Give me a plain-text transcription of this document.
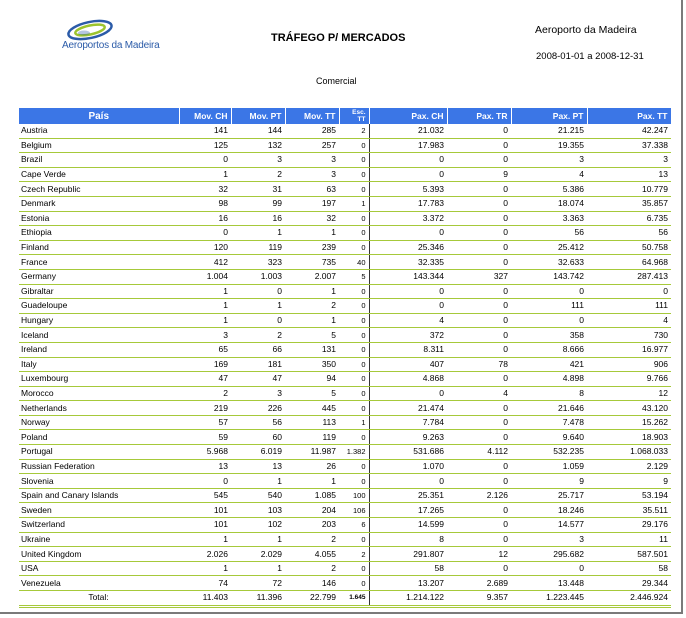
Aeroportos da Madeira
TRÁFEGO P/ MERCADOS
Aeroporto da Madeira
2008-01-01 a 2008-12-31
Comercial
País	Mov. CH	Mov. PT	Mov. TT	Esc. TT	Pax. CH	Pax. TR	Pax. PT	Pax. TT
Austria	141	144	285	2	21.032	0	21.215	42.247
Belgium	125	132	257	0	17.983	0	19.355	37.338
Brazil	0	3	3	0	0	0	3	3
Cape Verde	1	2	3	0	0	9	4	13
Czech Republic	32	31	63	0	5.393	0	5.386	10.779
Denmark	98	99	197	1	17.783	0	18.074	35.857
Estonia	16	16	32	0	3.372	0	3.363	6.735
Ethiopia	0	1	1	0	0	0	56	56
Finland	120	119	239	0	25.346	0	25.412	50.758
France	412	323	735	40	32.335	0	32.633	64.968
Germany	1.004	1.003	2.007	5	143.344	327	143.742	287.413
Gibraltar	1	0	1	0	0	0	0	0
Guadeloupe	1	1	2	0	0	0	111	111
Hungary	1	0	1	0	4	0	0	4
Iceland	3	2	5	0	372	0	358	730
Ireland	65	66	131	0	8.311	0	8.666	16.977
Italy	169	181	350	0	407	78	421	906
Luxembourg	47	47	94	0	4.868	0	4.898	9.766
Morocco	2	3	5	0	0	4	8	12
Netherlands	219	226	445	0	21.474	0	21.646	43.120
Norway	57	56	113	1	7.784	0	7.478	15.262
Poland	59	60	119	0	9.263	0	9.640	18.903
Portugal	5.968	6.019	11.987	1.382	531.686	4.112	532.235	1.068.033
Russian Federation	13	13	26	0	1.070	0	1.059	2.129
Slovenia	0	1	1	0	0	0	9	9
Spain and Canary Islands	545	540	1.085	100	25.351	2.126	25.717	53.194
Sweden	101	103	204	106	17.265	0	18.246	35.511
Switzerland	101	102	203	6	14.599	0	14.577	29.176
Ukraine	1	1	2	0	8	0	3	11
United Kingdom	2.026	2.029	4.055	2	291.807	12	295.682	587.501
USA	1	1	2	0	58	0	0	58
Venezuela	74	72	146	0	13.207	2.689	13.448	29.344
Total:	11.403	11.396	22.799	1.645	1.214.122	9.357	1.223.445	2.446.924
